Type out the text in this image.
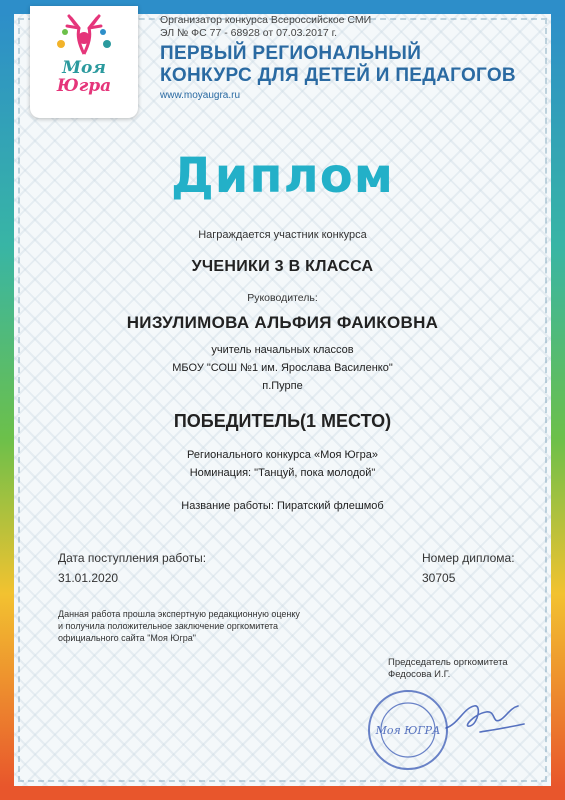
Моя
Югра
Организатор конкурса Всероссийское СМИ
ЭЛ № ФС 77 - 68928 от 07.03.2017 г.
ПЕРВЫЙ РЕГИОНАЛЬНЫЙ
КОНКУРС ДЛЯ ДЕТЕЙ И ПЕДАГОГОВ
www.moyaugra.ru
Диплом
Награждается участник конкурса
УЧЕНИКИ 3 В КЛАССА
Руководитель:
НИЗУЛИМОВА АЛЬФИЯ ФАИКОВНА
учитель начальных классов
МБОУ "СОШ №1 им. Ярослава Василенко"
п.Пурпе
ПОБЕДИТЕЛЬ(1 МЕСТО)
Регионального конкурса «Моя Югра»
Номинация: "Танцуй, пока молодой"
Название работы: Пиратский флешмоб
Дата поступления работы:
31.01.2020
Номер диплома:
30705
Данная работа прошла экспертную редакционную оценку
и получила положительное заключение оргкомитета
официального сайта "Моя Югра"
Председатель оргкомитета
Федосова И.Г.
Моя ЮГРА
